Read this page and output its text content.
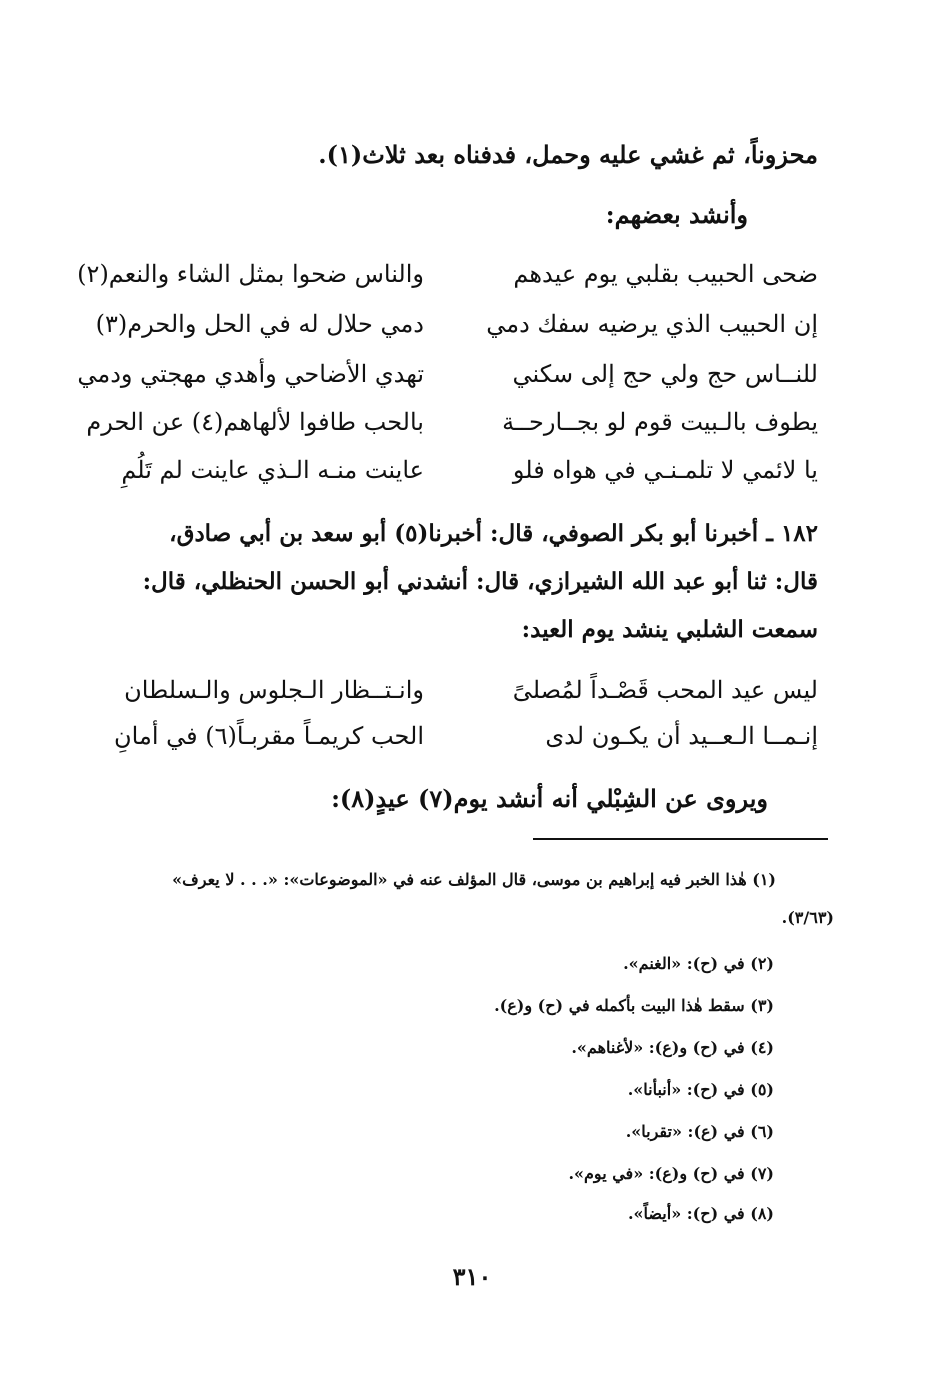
محزوناً، ثم غشي عليه وحمل، فدفناه بعد ثلاث(١).
وأنشد بعضهم:
ضحى الحبيب بقلبي يوم عيدهم
والناس ضحوا بمثل الشاء والنعم(٢)
إن الحبيب الذي يرضيه سفك دمي
دمي حلال له في الحل والحرم(٣)
للنــاس حج ولي حج إلى سكني
تهدي الأضاحي وأهدي مهجتي ودمي
يطوف بالـبيت قوم لو بجــارحــة
بالحب طافوا لألهاهم(٤) عن الحرم
يا لائمي لا تلمـنـي في هواه فلو
عاينت منـه الـذي عاينت لم تَلُمِ
١٨٢ ـ أخبرنا أبو بكر الصوفي، قال: أخبرنا(٥) أبو سعد بن أبي صادق،
قال: ثنا أبو عبد الله الشيرازي، قال: أنشدني أبو الحسن الحنظلي، قال:
سمعت الشلبي ينشد يوم العيد:
ليس عيد المحب قَصْـداً لمُصلىً
وانـتــظار الـجلوس والـسلطان
إنـمــا الـعــيد أن يكـون لدى
الحب كريمـاً مقربـاً(٦) في أمانِ
ويروى عن الشِبْلي أنه أنشد يوم(٧) عيدٍ(٨):
(١) هٰذا الخبر فيه إبراهيم بن موسى، قال المؤلف عنه في «الموضوعات»: «. . . لا يعرف»
(٣/٦٣).
(٢) في (ح): «الغنم».
(٣) سقط هٰذا البيت بأكمله في (ح) و(ع).
(٤) في (ح) و(ع): «لأغناهم».
(٥) في (ح): «أنبأنا».
(٦) في (ع): «تقربا».
(٧) في (ح) و(ع): «في يوم».
(٨) في (ح): «أيضاً».
٣١٠
